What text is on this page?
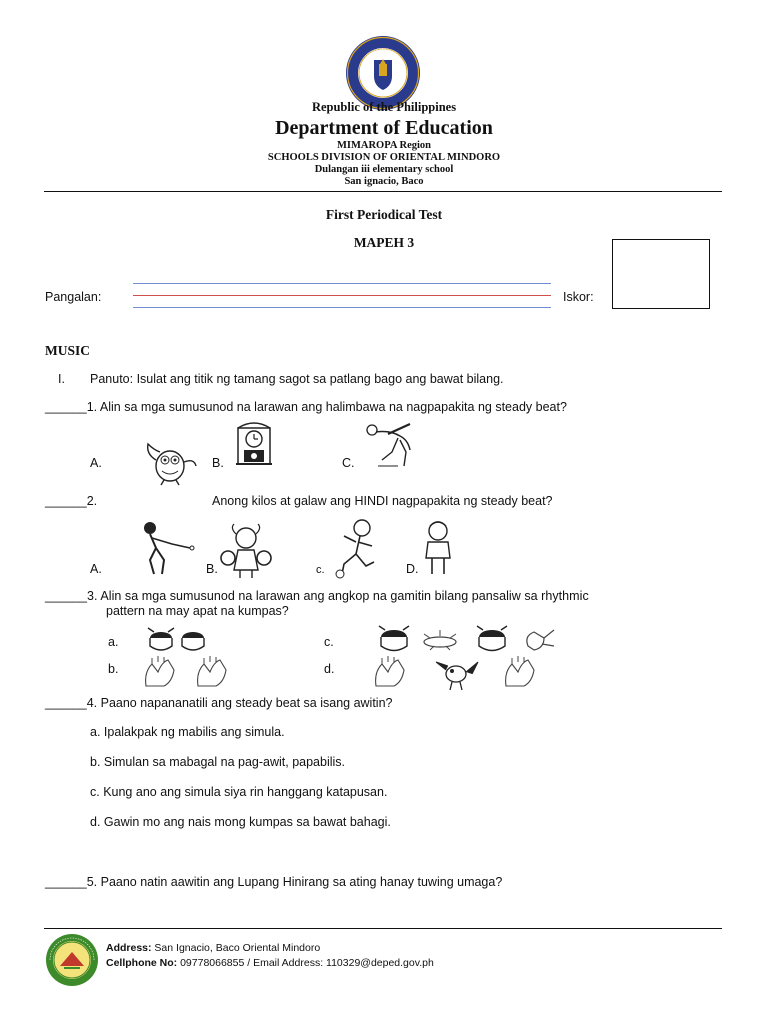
Republic of the Philippines
Department of Education
MIMAROPA Region
SCHOOLS DIVISION OF ORIENTAL MINDORO
Dulangan iii elementary school
San ignacio, Baco
First Periodical Test
MAPEH 3
Pangalan:	Iskor:
MUSIC
I. Panuto: Isulat ang titik ng tamang sagot sa patlang bago ang bawat bilang.
______1. Alin sa mga sumusunod na larawan ang halimbawa na nagpapakita ng steady beat?
A.	B.	C.
______2.	Anong kilos at galaw ang HINDI nagpapakita ng steady beat?
A.	B.	c.	D.
______3. Alin sa mga sumusunod na larawan ang angkop na gamitin bilang pansaliw sa rhythmic
pattern na may apat na kumpas?
a.
b.
c.
d.
______4. Paano napananatili ang steady beat sa isang awitin?
a. Ipalakpak ng mabilis ang simula.
b. Simulan sa mabagal na pag-awit, papabilis.
c. Kung ano ang simula siya rin hanggang katapusan.
d. Gawin mo ang nais mong kumpas sa bawat bahagi.
______5. Paano natin aawitin ang Lupang Hinirang sa ating hanay tuwing umaga?
Address: San Ignacio, Baco Oriental Mindoro
Cellphone No: 09778066855 / Email Address: 110329@deped.gov.ph
